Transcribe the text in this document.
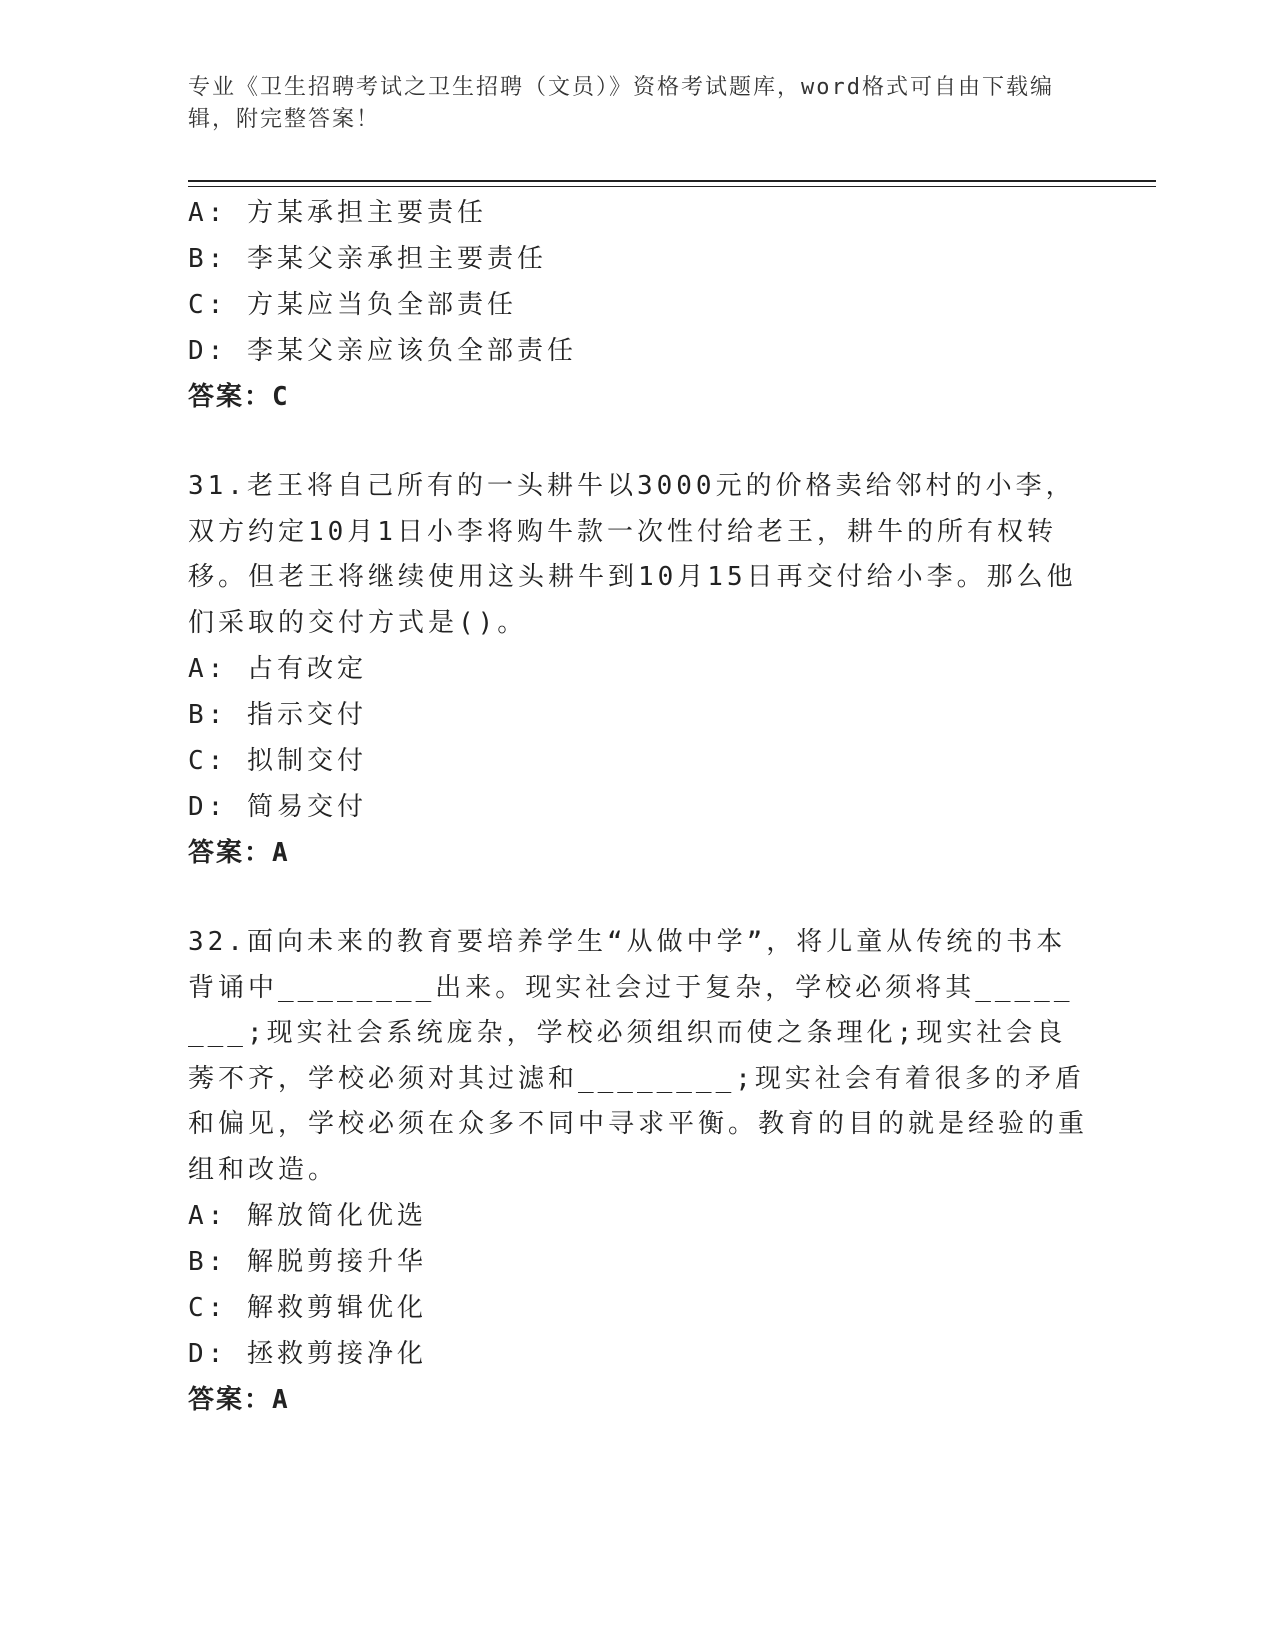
专业《卫生招聘考试之卫生招聘（文员）》资格考试题库，word格式可自由下载编辑，附完整答案！
A: 方某承担主要责任
B: 李某父亲承担主要责任
C: 方某应当负全部责任
D: 李某父亲应该负全部责任
答案：C
31.老王将自己所有的一头耕牛以3000元的价格卖给邻村的小李，双方约定10月1日小李将购牛款一次性付给老王，耕牛的所有权转移。但老王将继续使用这头耕牛到10月15日再交付给小李。那么他们采取的交付方式是()。
A: 占有改定
B: 指示交付
C: 拟制交付
D: 简易交付
答案：A
32.面向未来的教育要培养学生“从做中学”，将儿童从传统的书本背诵中________出来。现实社会过于复杂，学校必须将其________;现实社会系统庞杂，学校必须组织而使之条理化;现实社会良莠不齐，学校必须对其过滤和________;现实社会有着很多的矛盾和偏见，学校必须在众多不同中寻求平衡。教育的目的就是经验的重组和改造。
A: 解放简化优选
B: 解脱剪接升华
C: 解救剪辑优化
D: 拯救剪接净化
答案：A
